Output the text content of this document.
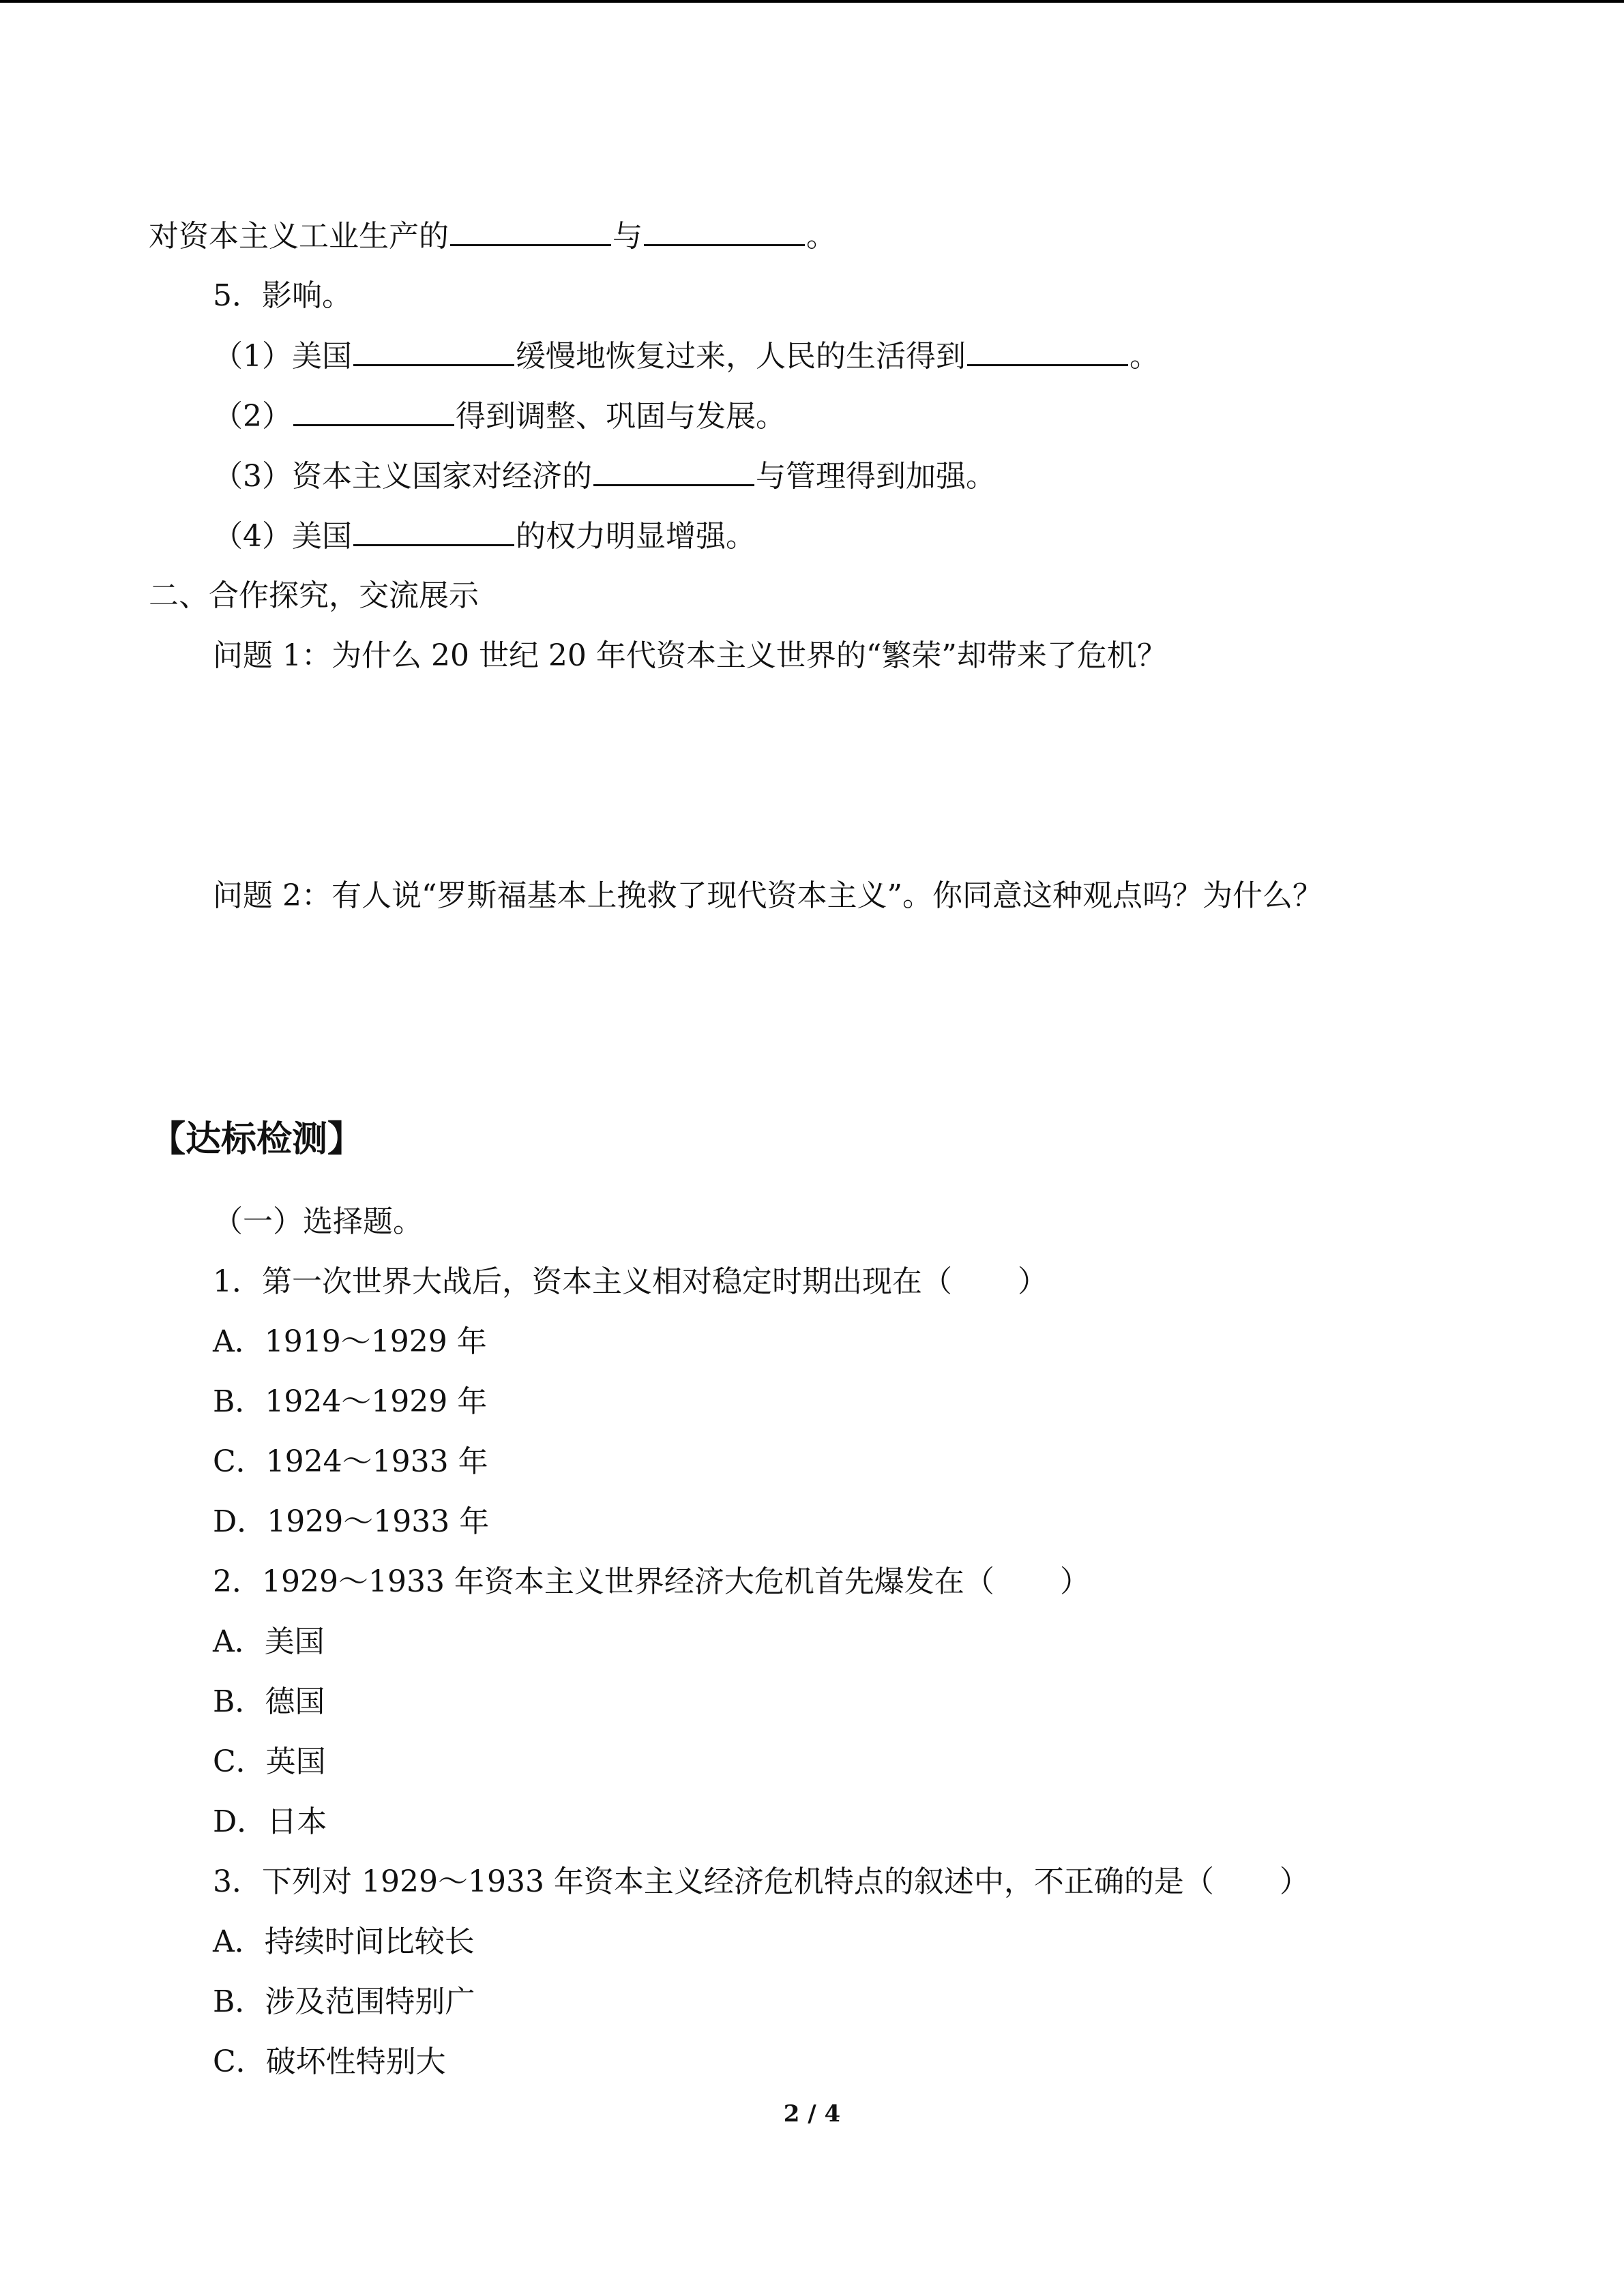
对资本主义工业生产的	与	。
5．影响。
（1）美国	缓慢地恢复过来，人民的生活得到	。
（2）	得到调整、巩固与发展。
（3）资本主义国家对经济的	与管理得到加强。
（4）美国	的权力明显增强。
二、合作探究，交流展示
问题 1：为什么 20 世纪 20 年代资本主义世界的“繁荣”却带来了危机？
问题 2：有人说“罗斯福基本上挽救了现代资本主义”。你同意这种观点吗？为什么？
【达标检测】
（一）选择题。
1．第一次世界大战后，资本主义相对稳定时期出现在（ ）
A．1919～1929 年
B．1924～1929 年
C．1924～1933 年
D．1929～1933 年
2．1929～1933 年资本主义世界经济大危机首先爆发在（ ）
A．美国
B．德国
C．英国
D．日本
3．下列对 1929～1933 年资本主义经济危机特点的叙述中，不正确的是（ ）
A．持续时间比较长
B．涉及范围特别广
C．破坏性特别大
2 / 4
